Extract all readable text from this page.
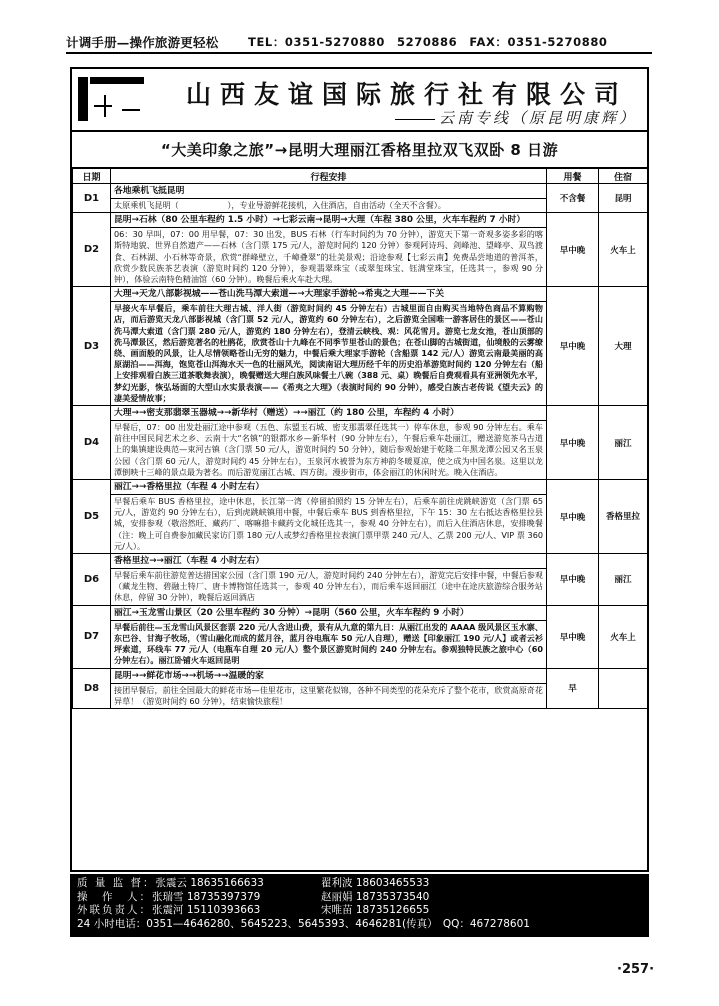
计调手册—操作旅游更轻松	TEL：0351-5270880　5270886　FAX：0351-5270880
山西友谊国际旅行社有限公司
云南专线（原昆明康辉）
“大美印象之旅”→昆明大理丽江香格里拉双飞双卧 8 日游
日期	行程安排	用餐	住宿
D1	各地乘机飞抵昆明
太原乘机飞昆明（　　　　　　），专业导游鲜花接机，入住酒店，自由活动（全天不含餐）。	不含餐	昆明
D2	昆明→石林（80 公里车程约 1.5 小时）→七彩云南→昆明→大理（车程 380 公里，火车车程约 7 小时）
06：30 早叫，07：00 用早餐，07：30 出发，BUS 石林（行车时间约为 70 分钟），游览天下第一奇观多姿多彩的喀斯特地貌、世界自然遗产——石林（含门票 175 元/人，游览时间约 120 分钟）参观阿诗玛、剑峰池、望峰亭、双鸟渡食、石林湖、小石林等奇景，欣赏“群峰壁立，千嶂叠翠”的壮美景观；沿途参观【七彩云南】免费品尝地道的普洱茶，欣赏少数民族茶艺表演（游览时间约 120 分钟），参观翡翠珠宝（或翠玺珠宝、钰满堂珠宝，任选其一，参观 90 分钟），体验云南特色精油馆（60 分钟）。晚餐后乘火车赴大理。	早中晚	火车上
D3	大理→天龙八部影视城——苍山洗马潭大索道—→大理家手游轮→希夷之大理——下关
早接火车早餐后，乘车前往大理古城、洋人街（游览时间约 45 分钟左右）古城里面自由购买当地特色商品不算购物店，而后游览天龙八部影视城（含门票 52 元/人，游览约 60 分钟左右），之后游览全国唯一游客居住的景区——苍山洗马潭大索道（含门票 280 元/人，游览约 180 分钟左右），登清云峡栈、观：风花雪月。游览七龙女池，苍山顶部的洗马潭景区，然后游览著名的杜鹃花，欣赏苍山十九峰在不同季节里苍山的景色；在苍山脚的古城街道，仙境般的云雾缭绕、画面般的风景，让人尽情领略苍山无穷的魅力，中餐后乘大理家手游轮（含船票 142 元/人）游览云南最美丽的高原湖泊——洱海，饱览苍山洱海水天一色的壮丽风光，阅读南诏大理历经千年的历史沿革游览时间约 120 分钟左右（船上安排观看白族三道茶歌舞表演），晚餐赠送大理白族风味餐土八碗（388 元、桌）晚餐后自费观看具有亚洲领先水平，梦幻光影，恢弘场面的大型山水实景表演——《希夷之大理》（表演时间约 90 分钟），感受白族古老传说《望夫云》的凄美爱情故事；	早中晚	大理
D4	大理→→密支那翡翠玉器城→→新华村（赠送）→→丽江（约 180 公里，车程约 4 小时）
早餐后，07：00 出发赴丽江途中参观（五色、东盟玉石城、密支那翡翠任选其一）停车休息，参观 90 分钟左右。乘车前往中国民间艺术之乡、云南十大“名镇”的银都水乡—新华村（90 分钟左右），午餐后乘车赴丽江，赠送游览茶马古道上的集镇建设典范—束河古镇（含门票 50 元/人，游览时间约 50 分钟），随后参观始建于乾隆二年黑龙潭公园又名玉泉公园（含门票 60 元/人，游览时间约 45 分钟左右），玉泉河水被誉为东方神韵冬暖夏凉，使之成为中国名泉。这里以龙潭倒映十三峰的景点最为著名。而后游览丽江古城、四方街。漫步街市，体会丽江的休闲时光。晚入住酒店。	早中晚	丽江
D5	丽江→→香格里拉（车程 4 小时左右）
早餐后乘车 BUS 香格里拉，途中休息，长江第一湾（停留拍照约 15 分钟左右），后乘车前往虎跳峡游览（含门票 65 元/人，游览约 90 分钟左右），后到虎跳峡镇用中餐，中餐后乘车 BUS 到香格里拉，下午 15：30 左右抵达香格里拉县城，安排参观（敬浴然旺、藏药厂、喀嘛措卡藏药文化城任选其一，参观 40 分钟左右），而后入住酒店休息，安排晚餐（注：晚上可自费参加藏民家访门票 180 元/人或梦幻香格里拉表演门票甲票 240 元/人、乙票 200 元/人、VIP 票 360 元/人）。	早中晚	香格里拉
D6	香格里拉→→丽江（车程 4 小时左右）
早餐后乘车前往游览普达措国家公园（含门票 190 元/人，游览时间约 240 分钟左右），游览完后安排中餐，中餐后参观（藏龙生物、碧融土特厂、唐卡博物馆任选其一，参观 40 分钟左右），而后乘车返回丽江（途中在途庆旅游综合服务站休息，停留 30 分钟），晚餐后返回酒店	早中晚	丽江
D7	丽江→玉龙雪山景区（20 公里车程约 30 分钟）→昆明（560 公里，火车车程约 9 小时）
早餐后前往—玉龙雪山风景区套票 220 元/人含进山费，景有从九意的第九日：从丽江出发的 AAAA 级风景区玉水寨、东巴谷、甘海子牧场，（雪山融化而成的蓝月谷，蓝月谷电瓶车 50 元/人自理），赠送【印象丽江 190 元/人】或者云衫坪索道，环线车 77 元/人（电瓶车自理 20 元/人）整个景区游览时间约 240 分钟左右。参观独特民族之旅中心（60 分钟左右）。丽江卧铺火车返回昆明	早中晚	火车上
D8	昆明→→鲜花市场→→机场→→温暖的家
接团早餐后，前往全国最大的鲜花市场—佳里花市，这里繁花似锦，各种不同类型的花朵充斥了整个花市，欣赏高原奇花异草！（游览时间约 60 分钟），结束愉快旅程！	早	
质 量 监 督：张震云 18635166633	翟利波 18603465533
操　作　人：张瑞雪 18735397379	赵丽娟 18735373540
外联负责人：张震河 15110393663	宋唯苗 18735126655
24 小时电话：0351—4646280、5645223、5645393、4646281(传真）　QQ：467278601
·257·
